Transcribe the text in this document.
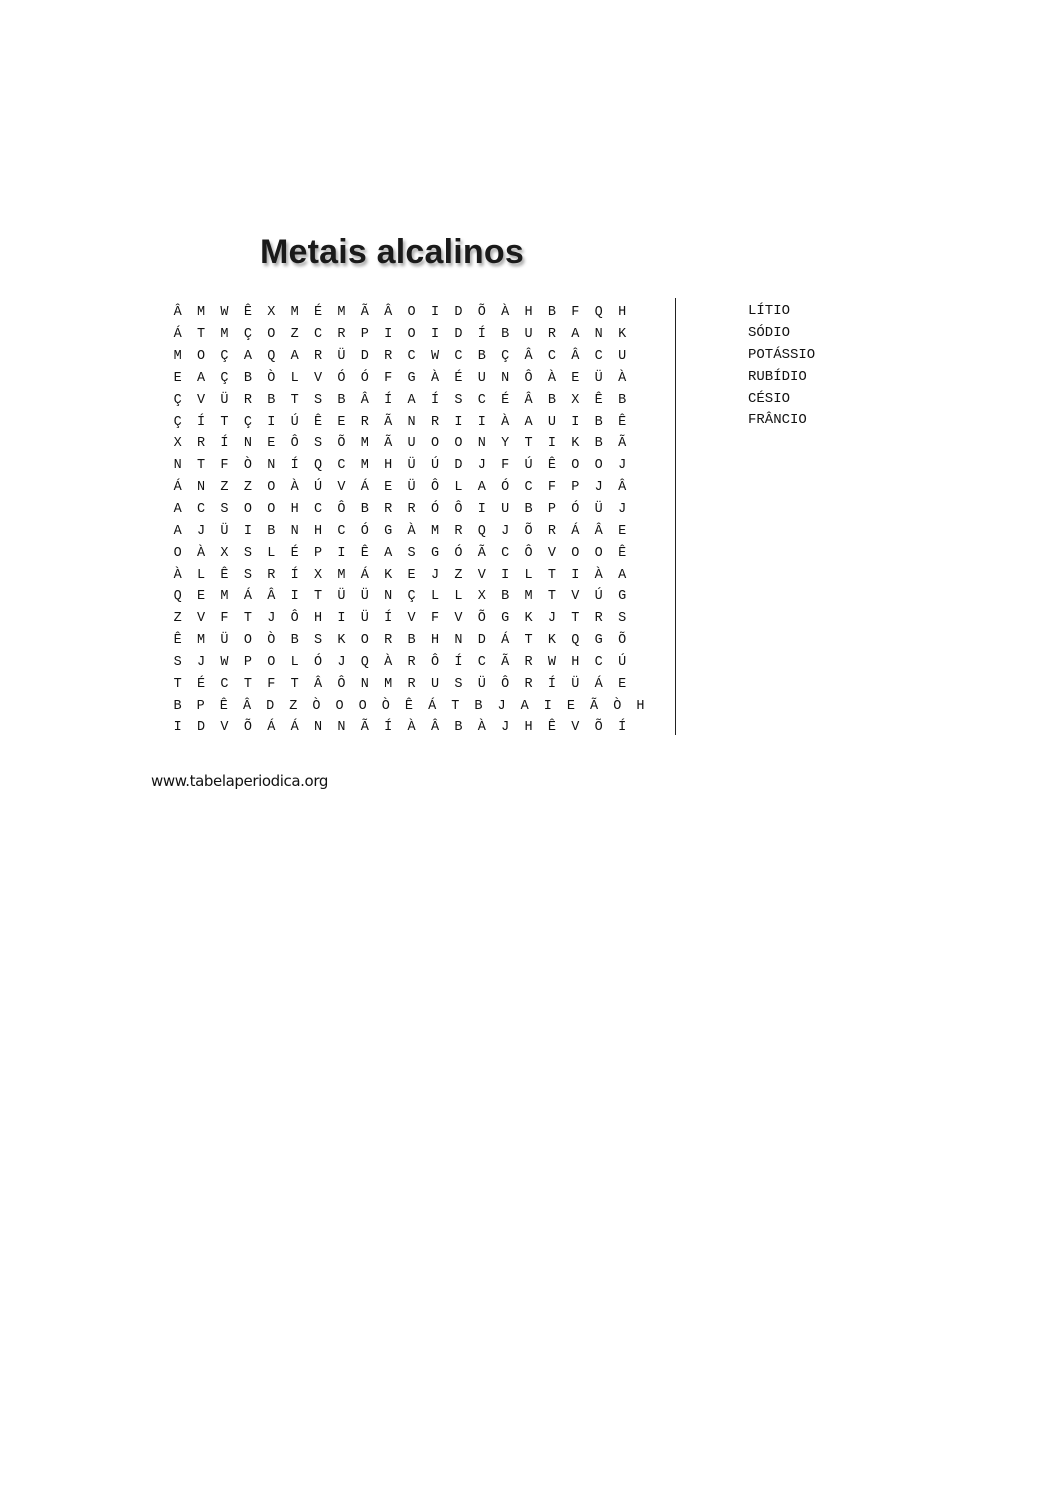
Metais alcalinos
Â	M	W	Ê	X	M	É	M	Ã	Â	O	I	D	Õ	À	H	B	F	Q	H
Á	T	M	Ç	O	Z	C	R	P	I	O	I	D	Í	B	U	R	A	N	K
M	O	Ç	A	Q	A	R	Ü	D	R	C	W	C	B	Ç	Â	C	Â	C	U
E	A	Ç	B	Ò	L	V	Ó	Ó	F	G	À	É	U	N	Ô	À	E	Ü	À
Ç	V	Ü	R	B	T	S	B	Â	Í	A	Í	S	C	É	Â	B	X	Ê	B
Ç	Í	T	Ç	I	Ú	Ê	E	R	Ã	N	R	I	I	À	A	U	I	B	Ê
X	R	Í	N	E	Ô	S	Õ	M	Ã	U	O	O	N	Y	T	I	K	B	Ã
N	T	F	Ò	N	Í	Q	C	M	H	Ü	Ú	D	J	F	Ú	Ê	O	O	J
Á	N	Z	Z	O	À	Ú	V	Á	E	Ü	Ô	L	A	Ó	C	F	P	J	Â
A	C	S	O	O	H	C	Ô	B	R	R	Ó	Ô	I	U	B	P	Ó	Ü	J
A	J	Ü	I	B	N	H	C	Ó	G	À	M	R	Q	J	Õ	R	Á	Â	E
O	À	X	S	L	É	P	I	Ê	A	S	G	Ó	Ã	C	Ô	V	O	O	Ê
À	L	Ê	S	R	Í	X	M	Á	K	E	J	Z	V	I	L	T	I	À	A
Q	E	M	Á	Â	I	T	Ü	Ü	N	Ç	L	L	X	B	M	T	V	Ú	G
Z	V	F	T	J	Ô	H	I	Ü	Í	V	F	V	Õ	G	K	J	T	R	S
Ê	M	Ü	O	Ò	B	S	K	O	R	B	H	N	D	Á	T	K	Q	G	Õ
S	J	W	P	O	L	Ó	J	Q	À	R	Ô	Í	C	Ã	R	W	H	C	Ú
T	É	C	T	F	T	Â	Ô	N	M	R	U	S	Ü	Ô	R	Í	Ü	Á	E
B	P	Ê	Â	D	Z	Ò	O	O	Ò	Ê	Á	T	B	J	A	I	E	Ã	Ò	H
I	D	V	Õ	Á	Á	N	N	Ã	Í	À	Â	B	À	J	H	Ê	V	Õ	Í
LÍTIO
SÓDIO
POTÁSSIO
RUBÍDIO
CÉSIO
FRÂNCIO
www.tabelaperiodica.org
